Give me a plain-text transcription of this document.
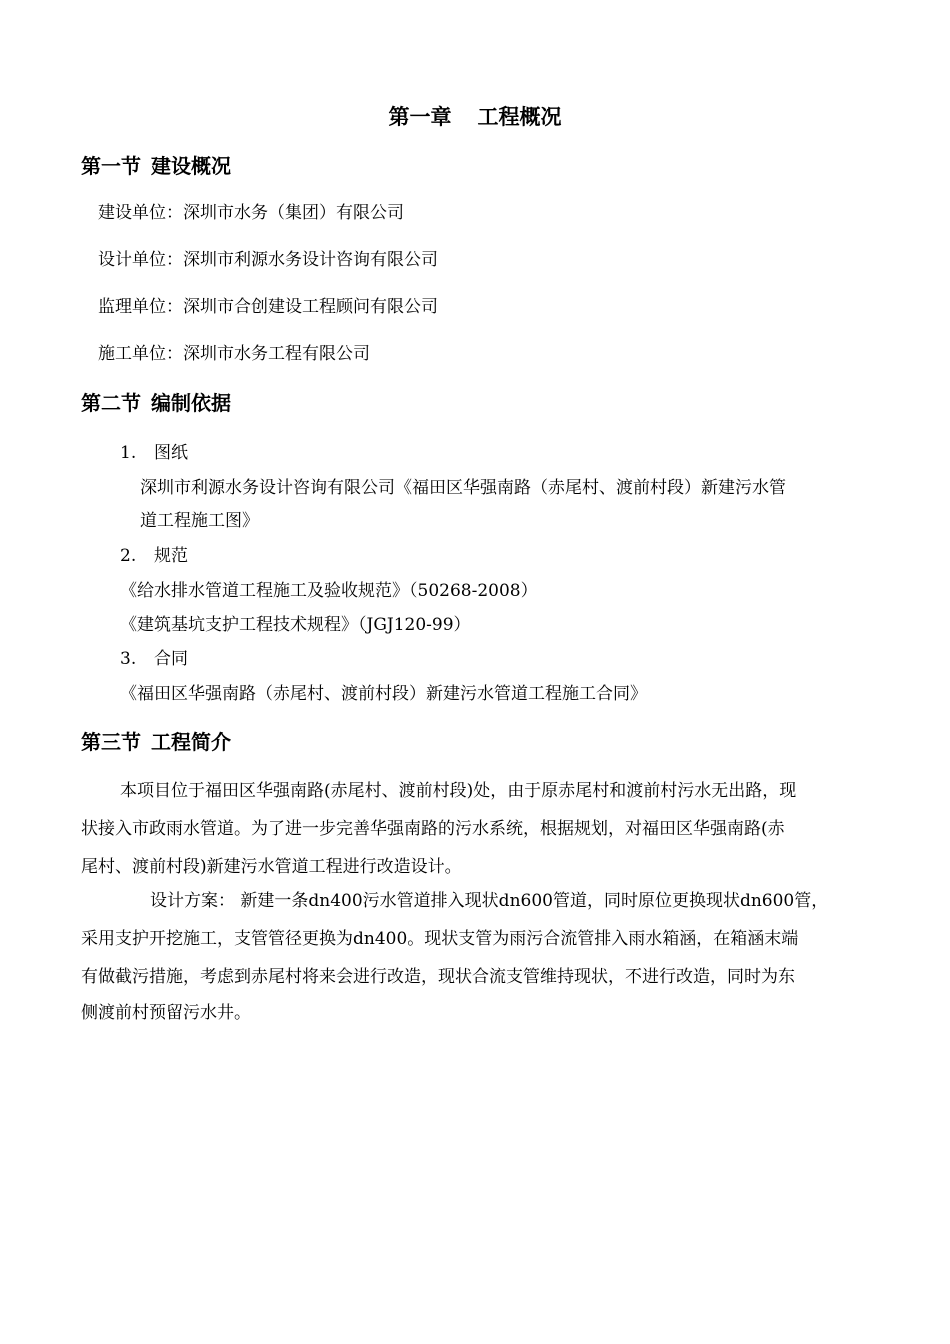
第一章 工程概况
第一节 建设概况
建设单位：深圳市水务（集团）有限公司
设计单位：深圳市利源水务设计咨询有限公司
监理单位：深圳市合创建设工程顾问有限公司
施工单位：深圳市水务工程有限公司
第二节 编制依据
1. 图纸
深圳市利源水务设计咨询有限公司《福田区华强南路（赤尾村、渡前村段）新建污水管
道工程施工图》
2. 规范
《给水排水管道工程施工及验收规范》（50268-2008）
《建筑基坑支护工程技术规程》（JGJ120-99）
3. 合同
《福田区华强南路（赤尾村、渡前村段）新建污水管道工程施工合同》
第三节 工程简介
本项目位于福田区华强南路(赤尾村、渡前村段)处，由于原赤尾村和渡前村污水无出路，现
状接入市政雨水管道。为了进一步完善华强南路的污水系统，根据规划，对福田区华强南路(赤
尾村、渡前村段)新建污水管道工程进行改造设计。
设计方案： 新建一条dn400污水管道排入现状dn600管道，同时原位更换现状dn600管，
采用支护开挖施工，支管管径更换为dn400。现状支管为雨污合流管排入雨水箱涵，在箱涵末端
有做截污措施，考虑到赤尾村将来会进行改造，现状合流支管维持现状，不进行改造，同时为东
侧渡前村预留污水井。
